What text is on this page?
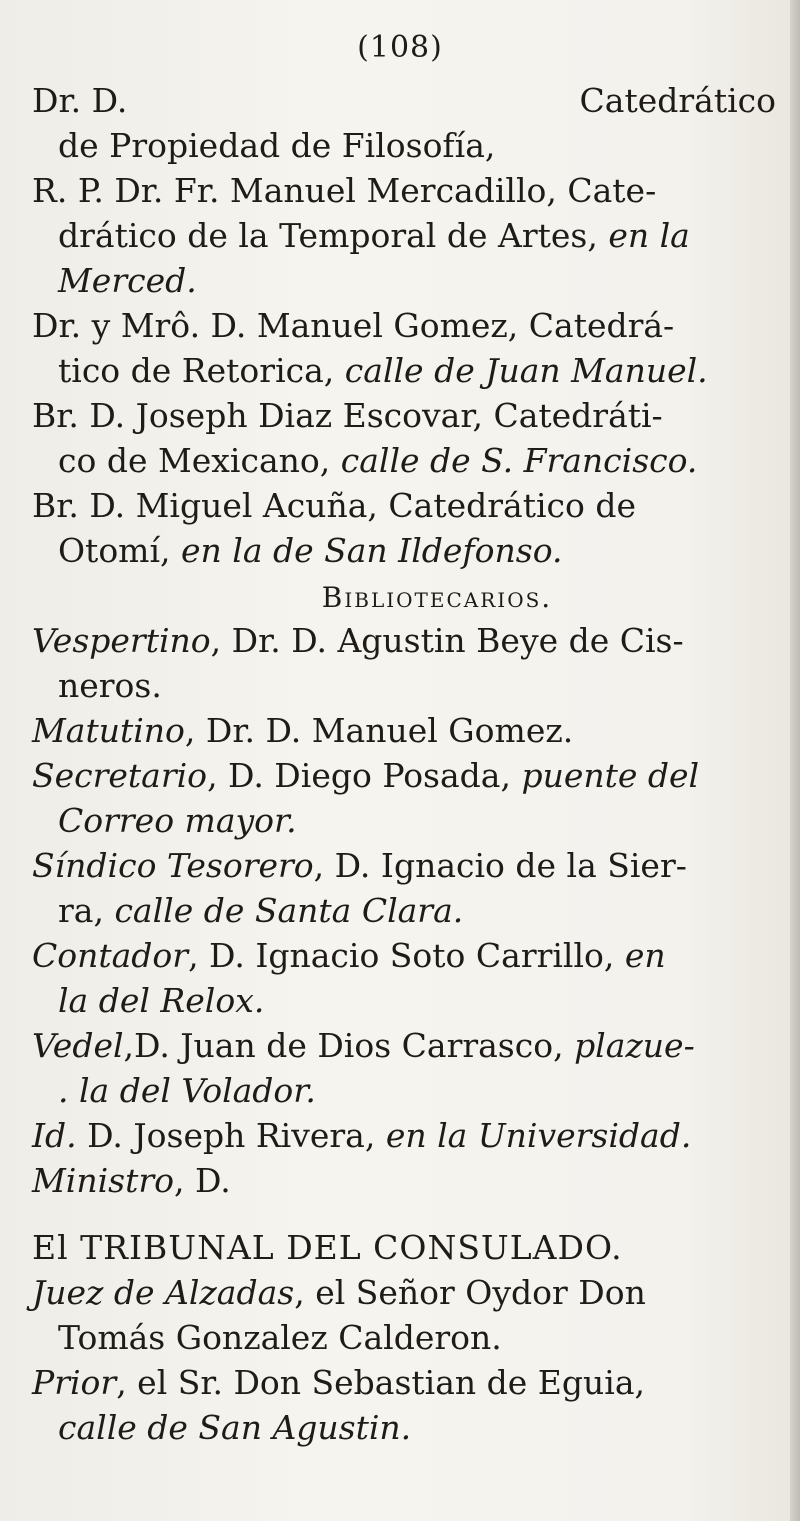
(108)
Dr. D.	Catedrático
de Propiedad de Filosofía,
R. P. Dr. Fr. Manuel Mercadillo, Cate-
drático de la Temporal de Artes, en la
Merced.
Dr. y Mrô. D. Manuel Gomez, Catedrá-
tico de Retorica, calle de Juan Manuel.
Br. D. Joseph Diaz Escovar, Catedráti-
co de Mexicano, calle de S. Francisco.
Br. D. Miguel Acuña, Catedrático de
Otomí, en la de San Ildefonso.
Bibliotecarios.
Vespertino, Dr. D. Agustin Beye de Cis-
neros.
Matutino, Dr. D. Manuel Gomez.
Secretario, D. Diego Posada, puente del
Correo mayor.
Síndico Tesorero, D. Ignacio de la Sier-
ra, calle de Santa Clara.
Contador, D. Ignacio Soto Carrillo, en
la del Relox.
Vedel,D. Juan de Dios Carrasco, plazue-
. la del Volador.
Id. D. Joseph Rivera, en la Universidad.
Ministro, D.
El TRIBUNAL DEL CONSULADO.
Juez de Alzadas, el Señor Oydor Don
Tomás Gonzalez Calderon.
Prior, el Sr. Don Sebastian de Eguia,
calle de San Agustin.
